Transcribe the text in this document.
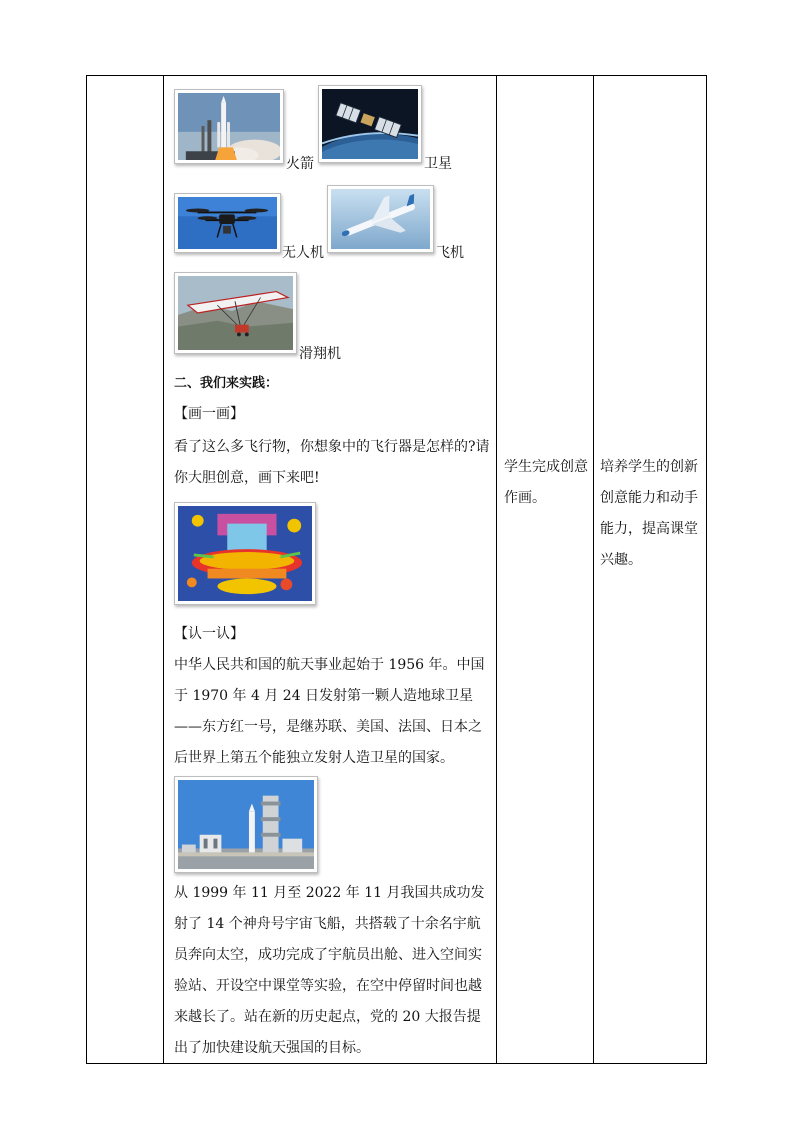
火箭	卫星
无人机	飞机
滑翔机
二、我们来实践：
【画一画】

看了这么多飞行物，你想象中的飞行器是怎样的?请你大胆创意，画下来吧!

【认一认】

中华人民共和国的航天事业起始于 1956 年。中国于 1970 年 4 月 24 日发射第一颗人造地球卫星——东方红一号，是继苏联、美国、法国、日本之后世界上第五个能独立发射人造卫星的国家。

从 1999 年 11 月至 2022 年 11 月我国共成功发射了 14 个神舟号宇宙飞船，共搭载了十余名宇航员奔向太空，成功完成了宇航员出舱、进入空间实验站、开设空中课堂等实验，在空中停留时间也越来越长了。站在新的历史起点，党的 20 大报告提出了加快建设航天强国的目标。

学生完成创意作画。
培养学生的创新创意能力和动手能力，提高课堂兴趣。
